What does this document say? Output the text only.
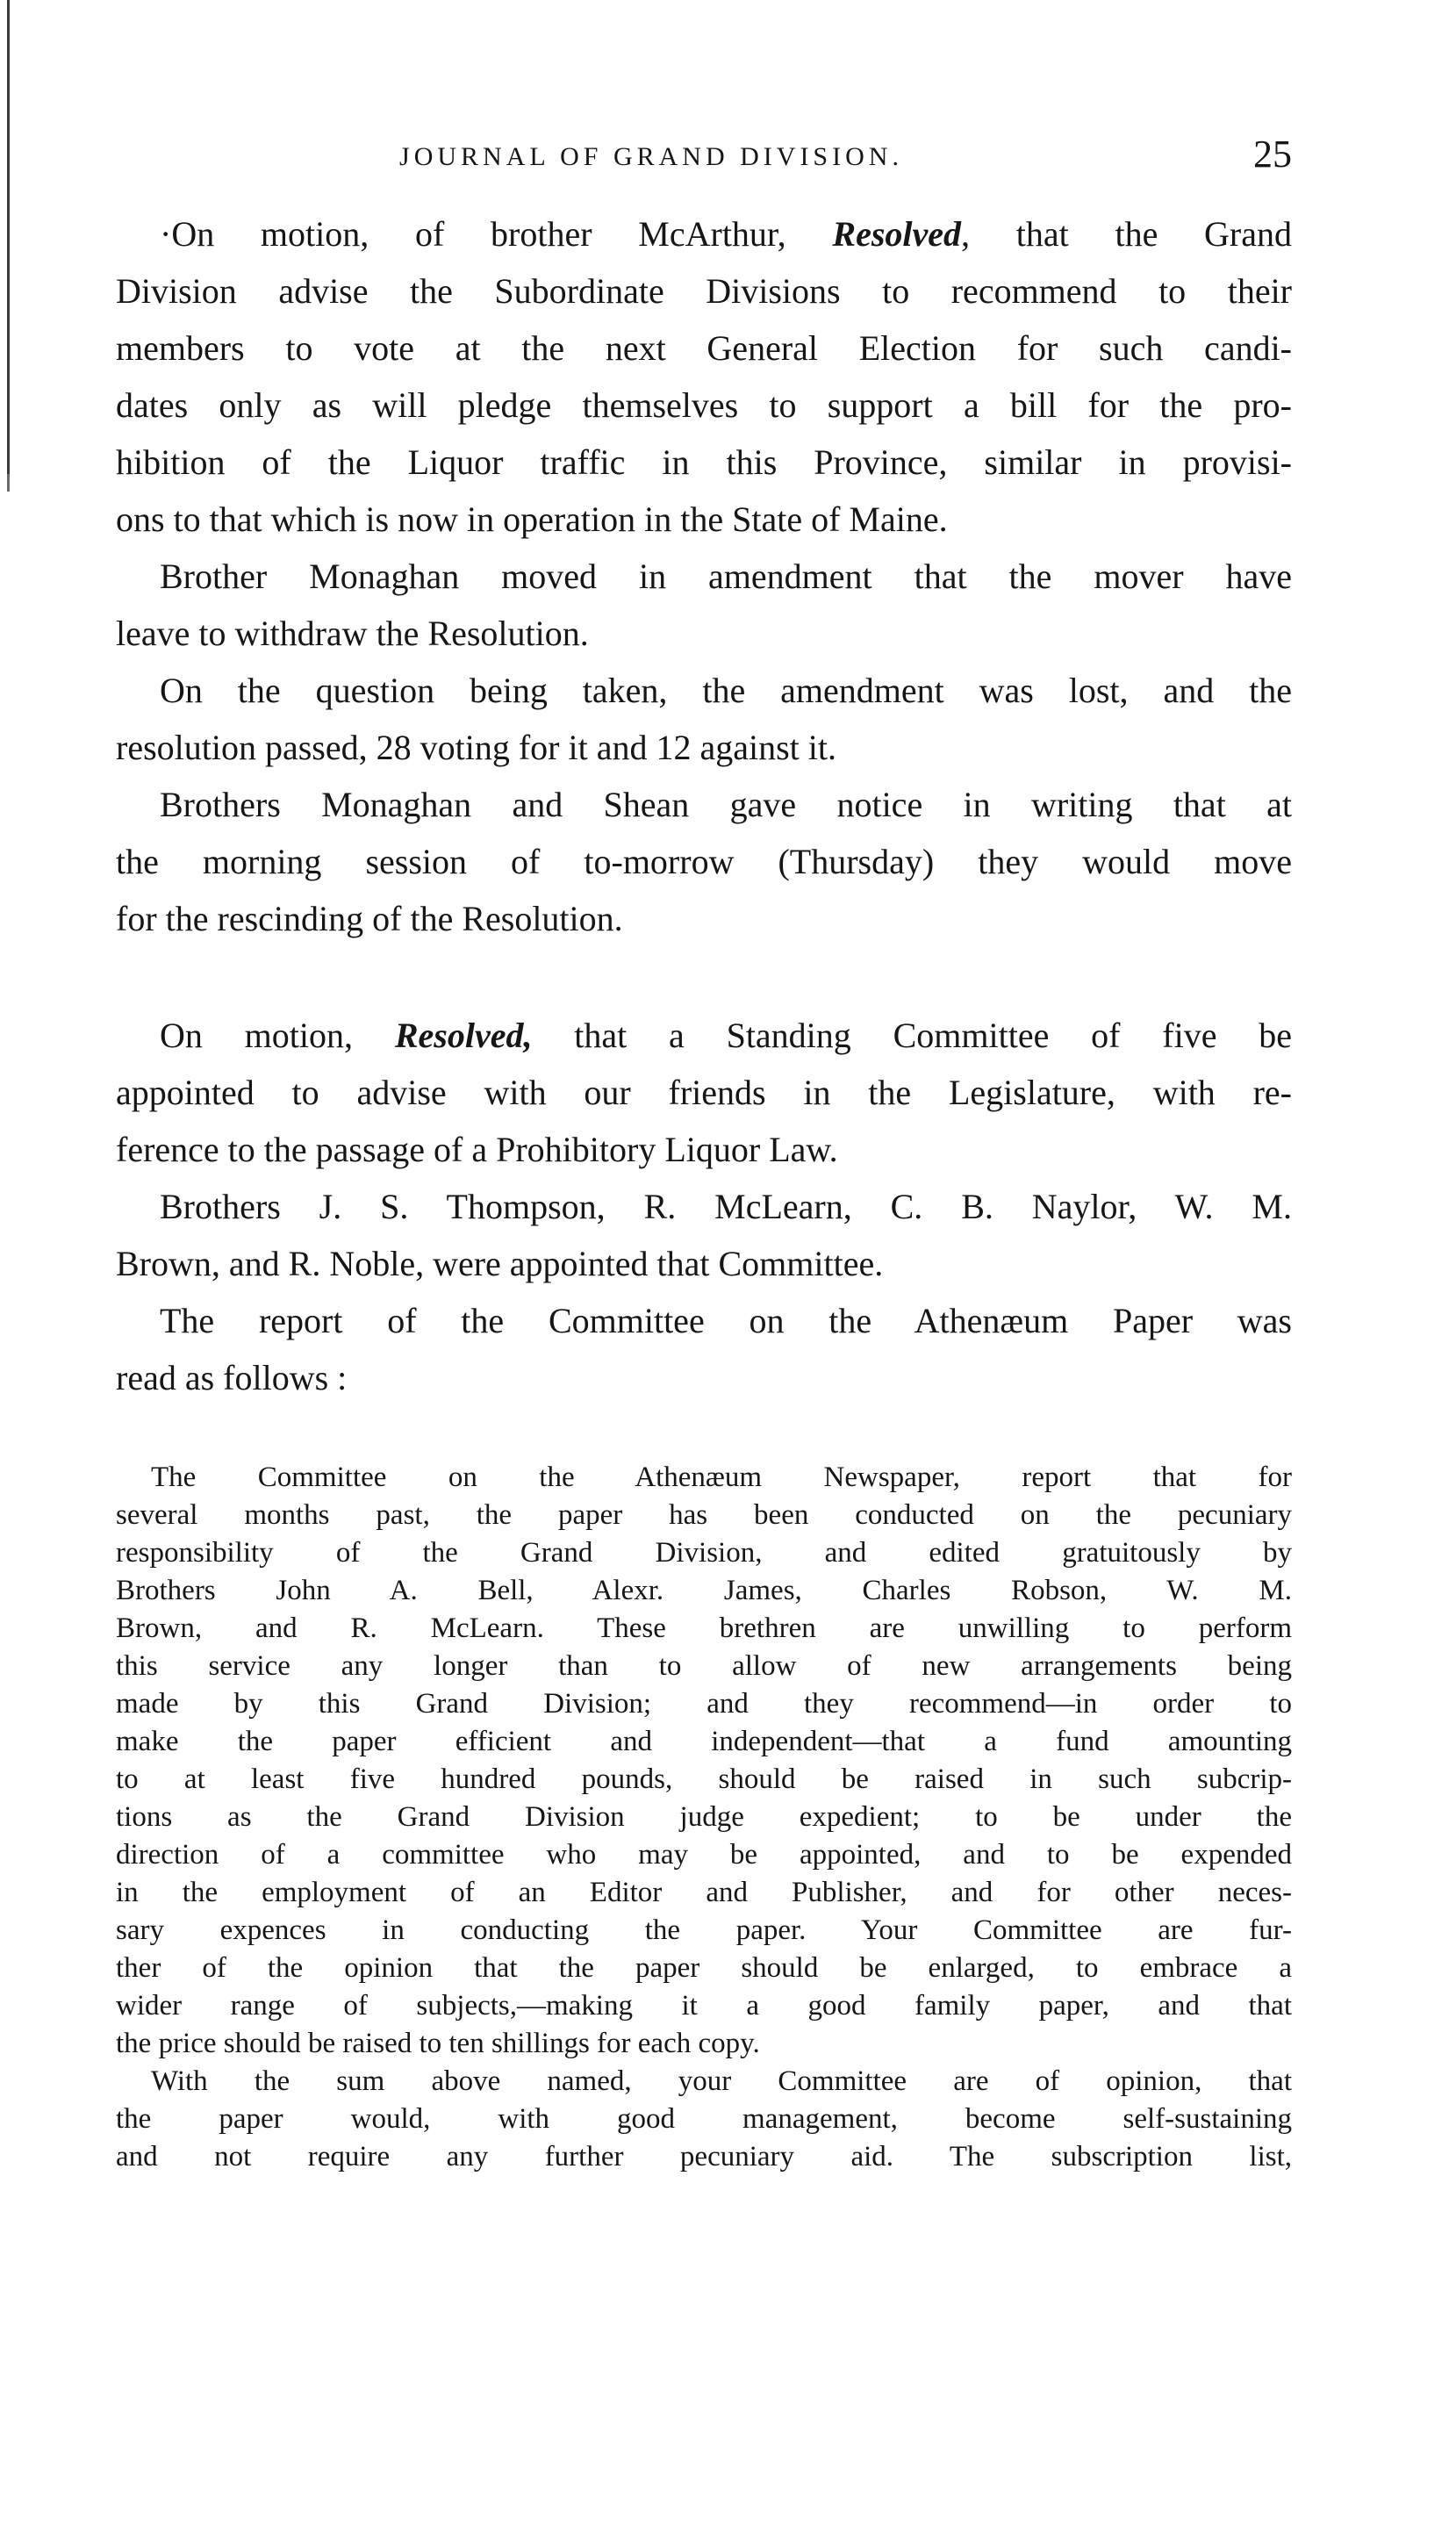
JOURNAL OF GRAND DIVISION.	25

·On motion, of brother McArthur, Resolved, that the Grand
Division advise the Subordinate Divisions to recommend to their
members to vote at the next General Election for such candi-
dates only as will pledge themselves to support a bill for the pro-
hibition of the Liquor traffic in this Province, similar in provisi-
ons to that which is now in operation in the State of Maine.

Brother Monaghan moved in amendment that the mover have
leave to withdraw the Resolution.

On the question being taken, the amendment was lost, and the
resolution passed, 28 voting for it and 12 against it.

Brothers Monaghan and Shean gave notice in writing that at
the morning session of to-morrow (Thursday) they would move
for the rescinding of the Resolution.

On motion, Resolved, that a Standing Committee of five be
appointed to advise with our friends in the Legislature, with re-
ference to the passage of a Prohibitory Liquor Law.

Brothers J. S. Thompson, R. McLearn, C. B. Naylor, W. M.
Brown, and R. Noble, were appointed that Committee.

The report of the Committee on the Athenæum Paper was
read as follows :

The Committee on the Athenæum Newspaper, report that for
several months past, the paper has been conducted on the pecuniary
responsibility of the Grand Division, and edited gratuitously by
Brothers John A. Bell, Alexr. James, Charles Robson, W. M.
Brown, and R. McLearn. These brethren are unwilling to perform
this service any longer than to allow of new arrangements being
made by this Grand Division; and they recommend—in order to
make the paper efficient and independent—that a fund amounting
to at least five hundred pounds, should be raised in such subcrip-
tions as the Grand Division judge expedient; to be under the
direction of a committee who may be appointed, and to be expended
in the employment of an Editor and Publisher, and for other neces-
sary expences in conducting the paper. Your Committee are fur-
ther of the opinion that the paper should be enlarged, to embrace a
wider range of subjects,—making it a good family paper, and that
the price should be raised to ten shillings for each copy.
With the sum above named, your Committee are of opinion, that
the paper would, with good management, become self-sustaining
and not require any further pecuniary aid. The subscription list,
